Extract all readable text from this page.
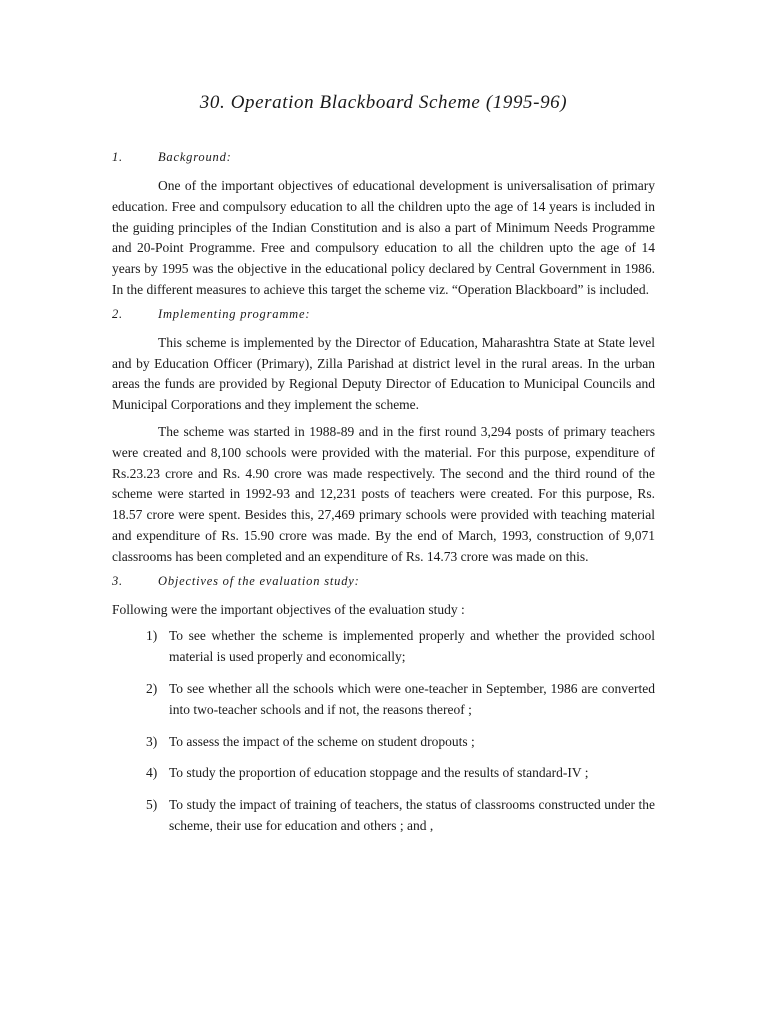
30. Operation Blackboard Scheme (1995-96)
1.	Background:

One of the important objectives of educational development is universalisation of primary education. Free and compulsory education to all the children upto the age of 14 years is included in the guiding principles of the Indian Constitution and is also a part of Minimum Needs Programme and 20-Point Programme. Free and compulsory education to all the children upto the age of 14 years by 1995 was the objective in the educational policy declared by Central Government in 1986. In the different measures to achieve this target the scheme viz. “Operation Blackboard” is included.

2.	Implementing programme:

This scheme is implemented by the Director of Education, Maharashtra State at State level and by Education Officer (Primary), Zilla Parishad at district level in the rural areas. In the urban areas the funds are provided by Regional Deputy Director of Education to Municipal Councils and Municipal Corporations and they implement the scheme.

The scheme was started in 1988-89 and in the first round 3,294 posts of primary teachers were created and 8,100 schools were provided with the material. For this purpose, expenditure of Rs.23.23 crore and Rs. 4.90 crore was made respectively. The second and the third round of the scheme were started in 1992-93 and 12,231 posts of teachers were created. For this purpose, Rs. 18.57 crore were spent. Besides this, 27,469 primary schools were provided with teaching material and expenditure of Rs. 15.90 crore was made. By the end of March, 1993, construction of 9,071 classrooms has been completed and an expenditure of Rs. 14.73 crore was made on this.

3.	Objectives of the evaluation study:

Following were the important objectives of the evaluation study :

1) To see whether the scheme is implemented properly and whether the provided school material is used properly and economically;
2) To see whether all the schools which were one-teacher in September, 1986 are converted into two-teacher schools and if not, the reasons thereof ;
3) To assess the impact of the scheme on student dropouts ;
4) To study the proportion of education stoppage and the results of standard-IV ;
5) To study the impact of training of teachers, the status of classrooms constructed under the scheme, their use for education and others ; and ,
